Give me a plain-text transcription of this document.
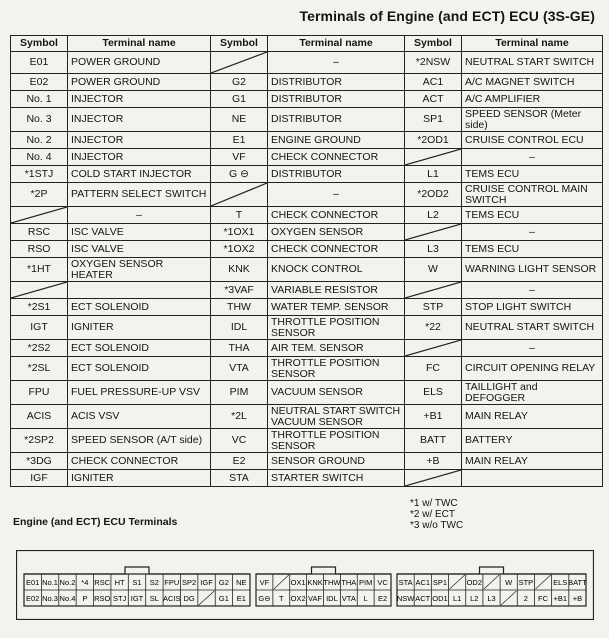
Terminals of Engine (and ECT) ECU (3S-GE)
Symbol	Terminal name	Symbol	Terminal name	Symbol	Terminal name
E01	POWER GROUND		–	*2NSW	NEUTRAL START SWITCH
E02	POWER GROUND	G2	DISTRIBUTOR	AC1	A/C MAGNET SWITCH
No. 1	INJECTOR	G1	DISTRIBUTOR	ACT	A/C AMPLIFIER
No. 3	INJECTOR	NE	DISTRIBUTOR	SP1	SPEED SENSOR (Meter side)
No. 2	INJECTOR	E1	ENGINE GROUND	*2OD1	CRUISE CONTROL ECU
No. 4	INJECTOR	VF	CHECK CONNECTOR		–
*1STJ	COLD START INJECTOR	G ⊖	DISTRIBUTOR	L1	TEMS ECU
*2P	PATTERN SELECT SWITCH		–	*2OD2	CRUISE CONTROL MAIN SWITCH

	–	T	CHECK CONNECTOR	L2	TEMS ECU
RSC	ISC VALVE	*1OX1	OXYGEN SENSOR		–
RSO	ISC VALVE	*1OX2	CHECK CONNECTOR	L3	TEMS ECU
*1HT	OXYGEN SENSOR HEATER	KNK	KNOCK CONTROL	W	WARNING LIGHT SENSOR

		*3VAF	VARIABLE RESISTOR		–
*2S1	ECT SOLENOID	THW	WATER TEMP. SENSOR	STP	STOP LIGHT SWITCH
IGT	IGNITER	IDL	THROTTLE POSITION SENSOR	*22	NEUTRAL START SWITCH
*2S2	ECT SOLENOID	THA	AIR TEM. SENSOR		–
*2SL	ECT SOLENOID	VTA	THROTTLE POSITION SENSOR	FC	CIRCUIT OPENING RELAY
FPU	FUEL PRESSURE-UP VSV	PIM	VACUUM SENSOR	ELS	TAILLIGHT and DEFOGGER
ACIS	ACIS VSV	*2L	NEUTRAL START SWITCH VACUUM SENSOR	+B1	MAIN RELAY
*2SP2	SPEED SENSOR (A/T side)	VC	THROTTLE POSITION SENSOR	BATT	BATTERY
*3DG	CHECK CONNECTOR	E2	SENSOR GROUND	+B	MAIN RELAY
IGF	IGNITER	STA	STARTER SWITCH	

*1 w/ TWC
*2 w/ ECT
*3 w/o TWC
Engine (and ECT) ECU Terminals
E01 No.1 No.2 *4 RSC HT S1 S2 FPU SP2 IGF G2 NE
E02 No.3 No.4 P RSO STJ IGT SL ACIS DG	G1 E1
VF	OX1 KNK THW THA PIM VC
G⊖ T OX2 VAF IDL VTA L E2
STA AC1 SP1	OD2	W STP	ELS BATT
NSW ACT OD1 L1 L2 L3	2 FC +B1 +B
